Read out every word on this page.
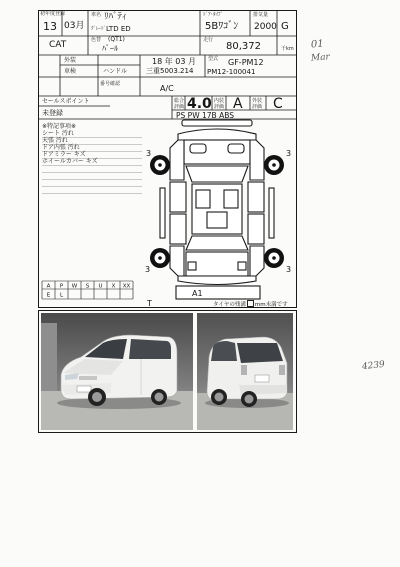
A P W S U X XX
E L
3	3
3	3
A1
T
初年度登録
13 03月
車名 ﾘﾊﾞﾃｨ
ｸﾞﾚｰﾄﾞ LTD ED
ﾄﾞｱ･ﾀｲﾌﾟ
5Bﾜｺﾞﾝ
排気量
2000 G
CAT	色替 (QT1)
ﾊﾟｰﾙ
走行
80,372	千km
外装
車検	ハンドル
18 年 03 月
三重5003.214
型式 GF-PM12
PM12-100041
番号確認	A/C
セールスポイント
未登録
総合評価 4.0 内装評価 A 外装評価 C
PS PW 17B ABS
※特記事項※
シート 汚れ
天張 汚れ
ドア内張 汚れ
ドアミラー キズ
ホイールカバー キズ
タイヤの残溝 mm未満です
01
Mar
4239
